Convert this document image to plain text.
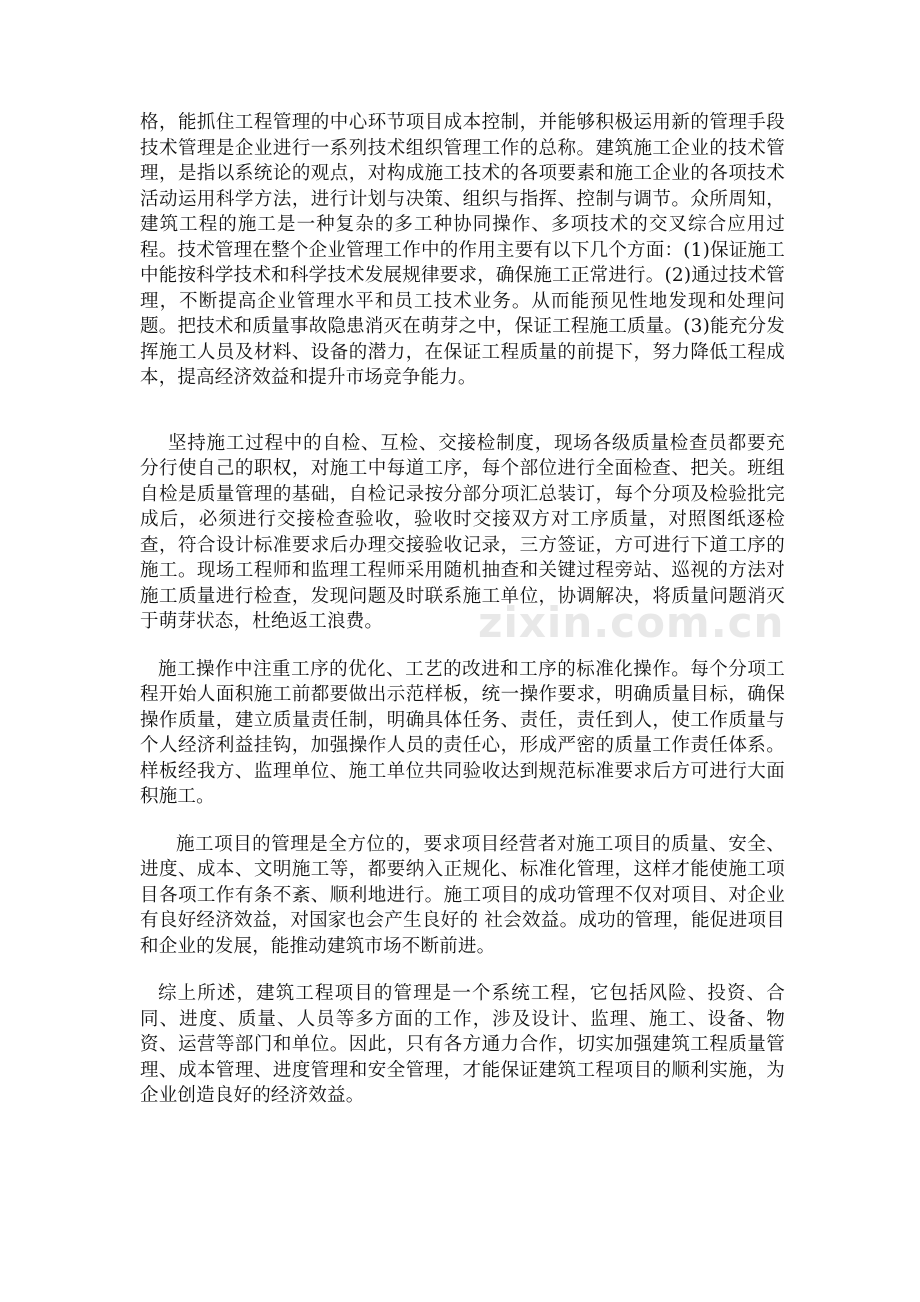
格，能抓住工程管理的中心环节项目成本控制，并能够积极运用新的管理手段技术管理是企业进行一系列技术组织管理工作的总称。建筑施工企业的技术管理，是指以系统论的观点，对构成施工技术的各项要素和施工企业的各项技术活动运用科学方法，进行计划与决策、组织与指挥、控制与调节。众所周知，建筑工程的施工是一种复杂的多工种协同操作、多项技术的交叉综合应用过程。技术管理在整个企业管理工作中的作用主要有以下几个方面：(1)保证施工中能按科学技术和科学技术发展规律要求，确保施工正常进行。(2)通过技术管理，不断提高企业管理水平和员工技术业务。从而能预见性地发现和处理问题。把技术和质量事故隐患消灭在萌芽之中，保证工程施工质量。(3)能充分发挥施工人员及材料、设备的潜力，在保证工程质量的前提下，努力降低工程成本，提高经济效益和提升市场竞争能力。

坚持施工过程中的自检、互检、交接检制度，现场各级质量检查员都要充分行使自己的职权，对施工中每道工序，每个部位进行全面检查、把关。班组自检是质量管理的基础，自检记录按分部分项汇总装订，每个分项及检验批完成后，必须进行交接检查验收，验收时交接双方对工序质量，对照图纸逐检查，符合设计标准要求后办理交接验收记录，三方签证，方可进行下道工序的施工。现场工程师和监理工程师采用随机抽查和关键过程旁站、巡视的方法对施工质量进行检查，发现问题及时联系施工单位，协调解决，将质量问题消灭于萌芽状态，杜绝返工浪费。

施工操作中注重工序的优化、工艺的改进和工序的标准化操作。每个分项工程开始人面积施工前都要做出示范样板，统一操作要求，明确质量目标，确保操作质量，建立质量责任制，明确具体任务、责任，责任到人，使工作质量与个人经济利益挂钩，加强操作人员的责任心，形成严密的质量工作责任体系。样板经我方、监理单位、施工单位共同验收达到规范标准要求后方可进行大面积施工。

施工项目的管理是全方位的，要求项目经营者对施工项目的质量、安全、进度、成本、文明施工等，都要纳入正规化、标准化管理，这样才能使施工项目各项工作有条不紊、顺利地进行。施工项目的成功管理不仅对项目、对企业有良好经济效益，对国家也会产生良好的 社会效益。成功的管理，能促进项目和企业的发展，能推动建筑市场不断前进。

综上所述，建筑工程项目的管理是一个系统工程，它包括风险、投资、合同、进度、质量、人员等多方面的工作，涉及设计、监理、施工、设备、物资、运营等部门和单位。因此，只有各方通力合作，切实加强建筑工程质量管理、成本管理、进度管理和安全管理，才能保证建筑工程项目的顺利实施，为企业创造良好的经济效益。

zixin.com.cn
